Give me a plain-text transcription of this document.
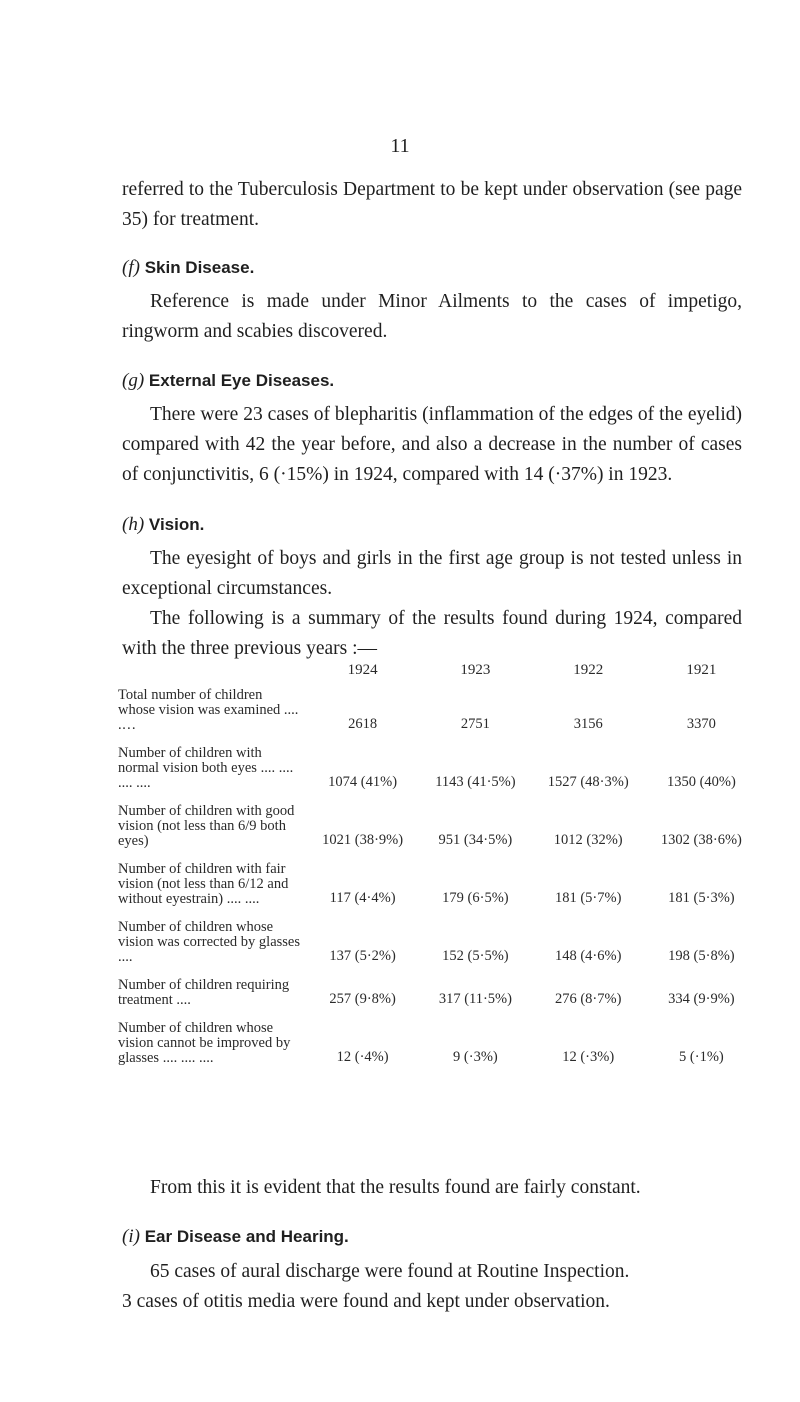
11

referred to the Tuberculosis Department to be kept under observation (see page 35) for treatment.

(f) Skin Disease.

Reference is made under Minor Ailments to the cases of impetigo, ringworm and scabies discovered.

(g) External Eye Diseases.

There were 23 cases of blepharitis (inflammation of the edges of the eyelid) compared with 42 the year before, and also a decrease in the number of cases of conjunctivitis, 6 (·15%) in 1924, compared with 14 (·37%) in 1923.

(h) Vision.

The eyesight of boys and girls in the first age group is not tested unless in exceptional circumstances.

The following is a summary of the results found during 1924, compared with the three previous years :—

	1924	1923	1922	1921
Total number of children whose vision was examined .... .…	2618	2751	3156	3370
Number of children with normal vision both eyes .... .... .... ....	1074 (41%)	1143 (41·5%)	1527 (48·3%)	1350 (40%)
Number of children with good vision (not less than 6/9 both eyes)	1021 (38·9%)	951 (34·5%)	1012 (32%)	1302 (38·6%)
Number of children with fair vision (not less than 6/12 and without eyestrain) .... ....	117 (4·4%)	179 (6·5%)	181 (5·7%)	181 (5·3%)
Number of children whose vision was corrected by glasses ....	137 (5·2%)	152 (5·5%)	148 (4·6%)	198 (5·8%)
Number of children requiring treatment ....	257 (9·8%)	317 (11·5%)	276 (8·7%)	334 (9·9%)
Number of children whose vision cannot be improved by glasses .... .... ....	12 (·4%)	9 (·3%)	12 (·3%)	5 (·1%)

From this it is evident that the results found are fairly constant.

(i) Ear Disease and Hearing.

65 cases of aural discharge were found at Routine Inspection.

3 cases of otitis media were found and kept under observation.
